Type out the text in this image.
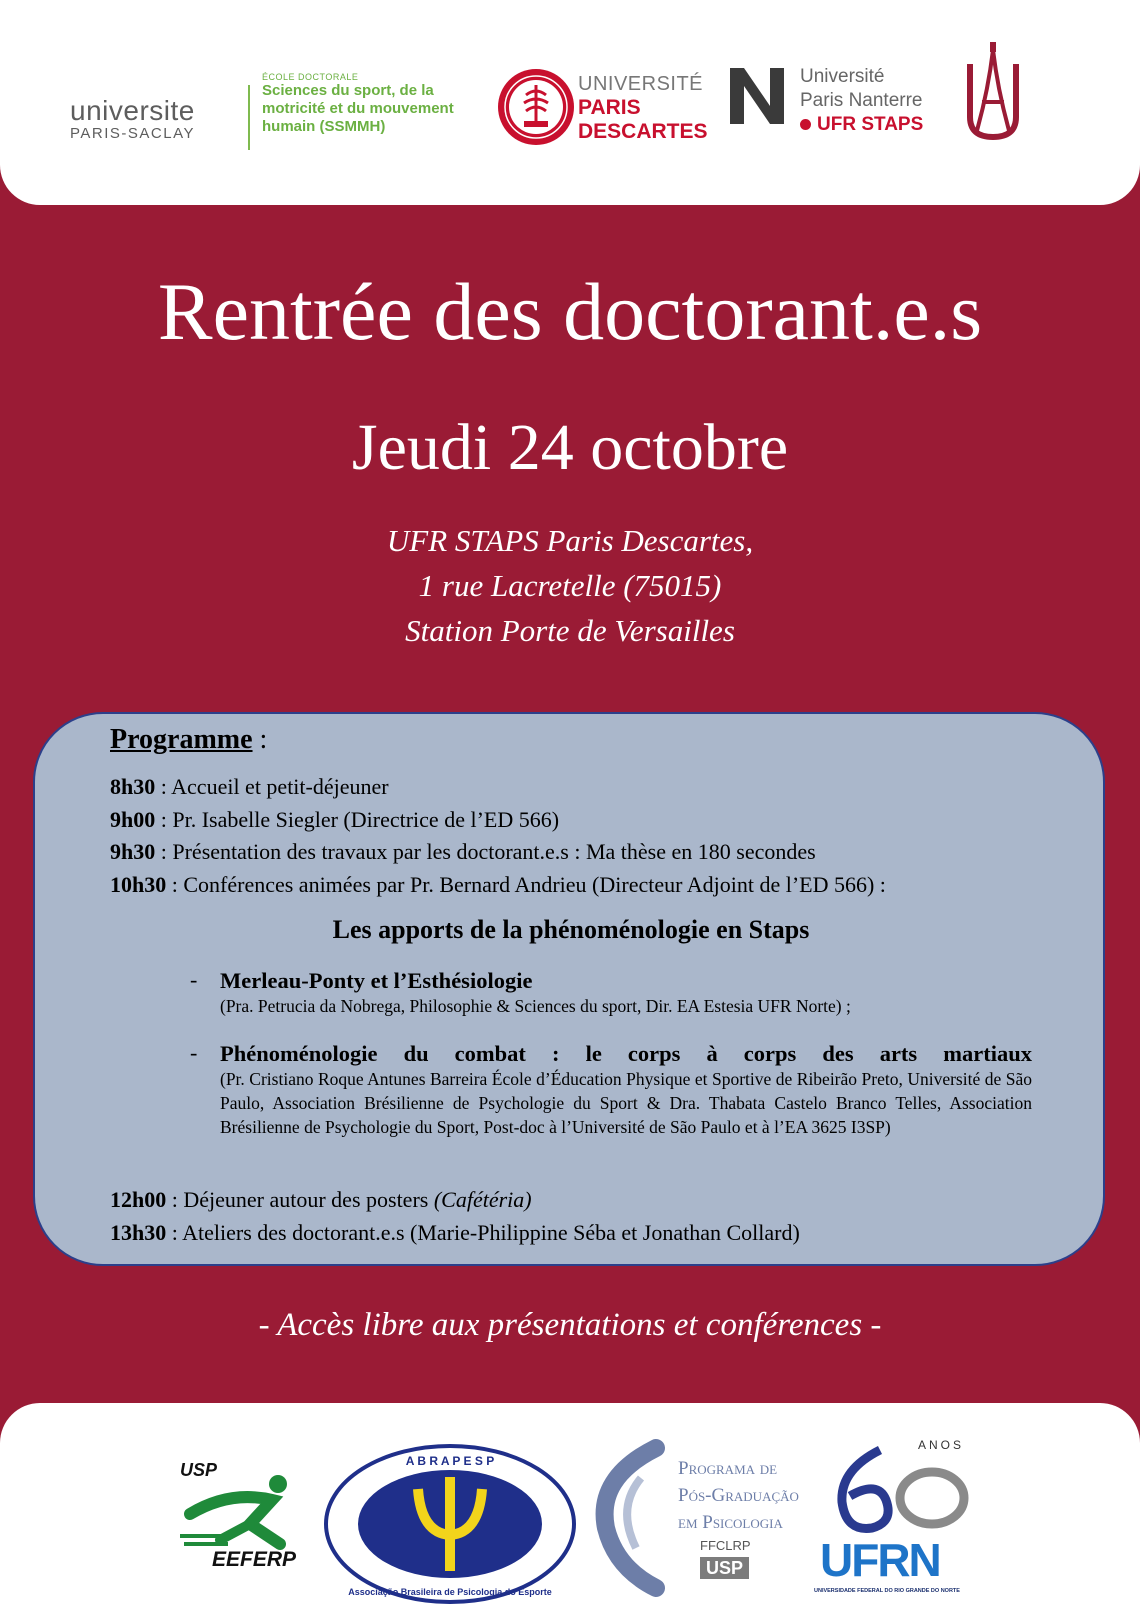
universite
PARIS-SACLAY
ÉCOLE DOCTORALE
Sciences du sport, de la
motricité et du mouvement
humain (SSMMH)
UNIVERSITÉ
PARIS
DESCARTES
Université
Paris Nanterre
UFR STAPS
Rentrée des doctorant.e.s
Jeudi 24 octobre
UFR STAPS Paris Descartes,
1 rue Lacretelle (75015)
Station Porte de Versailles
Programme :
8h30 : Accueil et petit-déjeuner
9h00 : Pr. Isabelle Siegler (Directrice de l’ED 566)
9h30 : Présentation des travaux par les doctorant.e.s : Ma thèse en 180 secondes
10h30 : Conférences animées par Pr. Bernard Andrieu (Directeur Adjoint de l’ED 566) :
Les apports de la phénoménologie en Staps
- Merleau-Ponty et l’Esthésiologie
(Pra. Petrucia da Nobrega, Philosophie & Sciences du sport, Dir. EA Estesia UFR Norte) ;
- Phénoménologie du combat : le corps à corps des arts martiaux
(Pr. Cristiano Roque Antunes Barreira École d’Éducation Physique et Sportive de Ribeirão Preto, Université de São Paulo, Association Brésilienne de Psychologie du Sport & Dra. Thabata Castelo Branco Telles, Association Brésilienne de Psychologie du Sport, Post-doc à l’Université de São Paulo et à l’EA 3625 I3SP)
12h00 : Déjeuner autour des posters (Cafétéria)
13h30 : Ateliers des doctorant.e.s (Marie-Philippine Séba et Jonathan Collard)
- Accès libre aux présentations et conférences -
USP
EEFERP
A B R A P E S P
Associação Brasileira de Psicologia do Esporte
Programa de
Pós-Graduação
em Psicologia
FFCLRP
USP
ANOS
UFRN
UNIVERSIDADE FEDERAL DO RIO GRANDE DO NORTE
